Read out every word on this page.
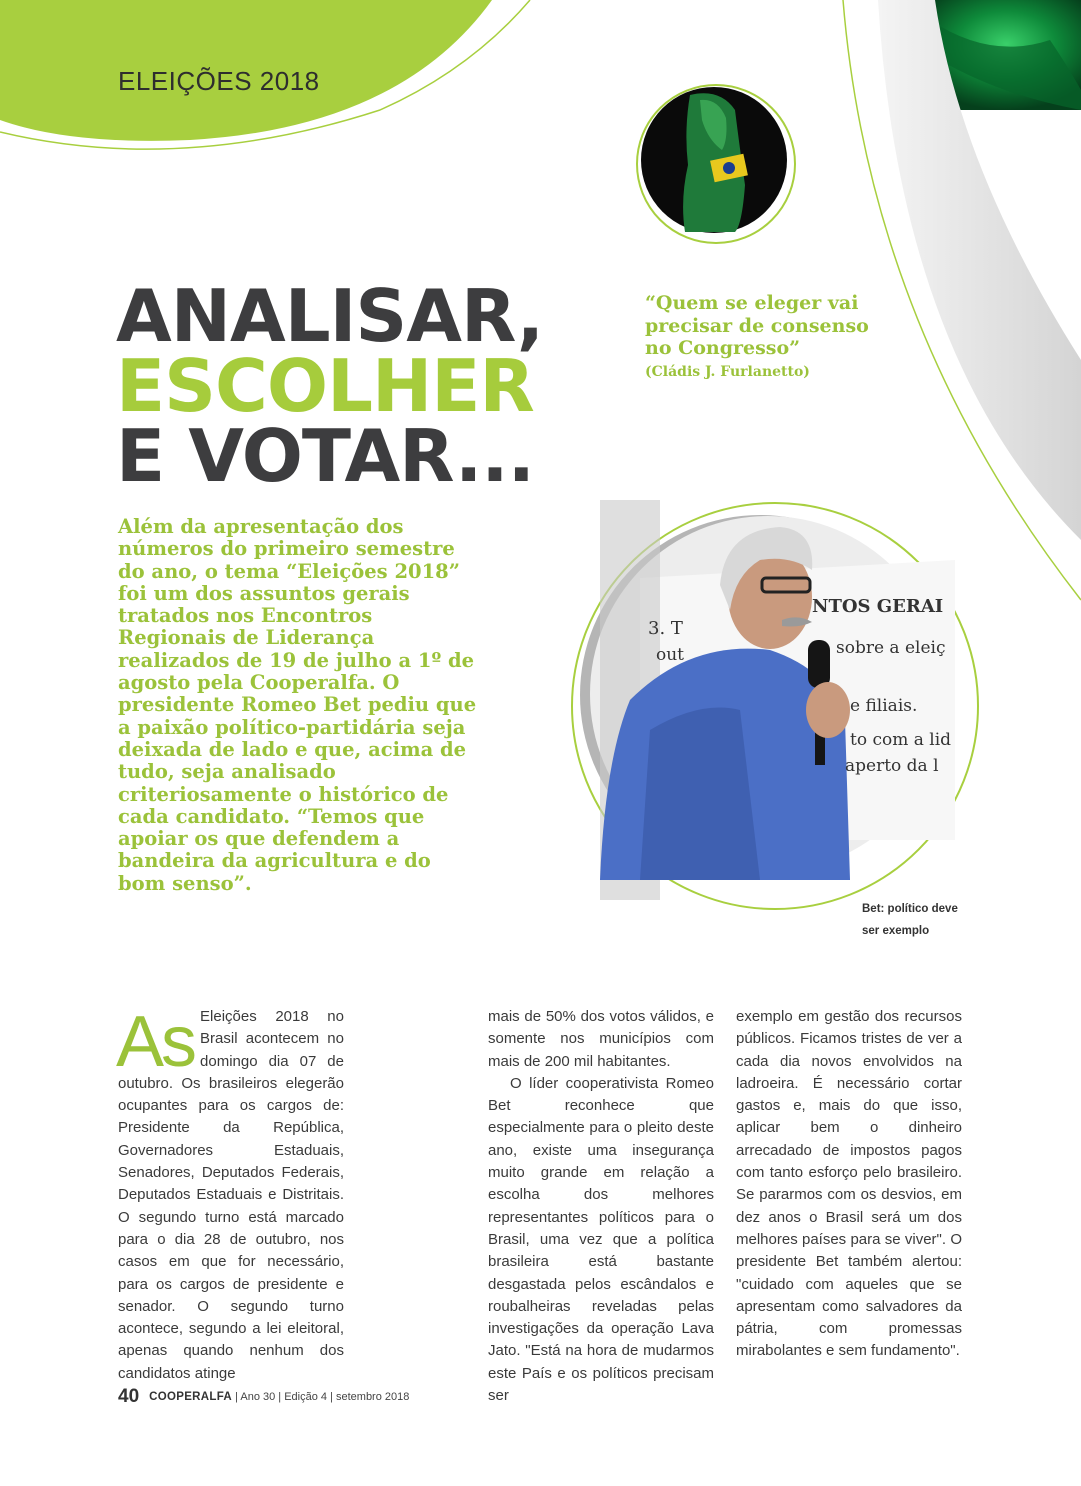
NTOS GERAI
3. T
sobre a eleiç
out
e filiais.
to com a lid
aperto da l
ELEIÇÕES 2018
ANALISAR,
ESCOLHER
E VOTAR...

“Quem se eleger vai precisar de consenso no Congresso”

(Cládis J. Furlanetto)

Além da apresentação dos números do primeiro semestre do ano, o tema “Eleições 2018” foi um dos assuntos gerais tratados nos Encontros Regionais de Liderança realizados de 19 de julho a 1º de agosto pela Cooperalfa. O presidente Romeo Bet pediu que a paixão político-partidária seja deixada de lado e que, acima de tudo, seja analisado criteriosamente o histórico de cada candidato. “Temos que apoiar os que defendem a bandeira da agricultura e do bom senso”.

Bet: político deve ser exemplo

As Eleições 2018 no Brasil acontecem no domingo dia 07 de outubro. Os brasileiros elegerão ocupantes para os cargos de: Presidente da República, Governadores Estaduais, Senadores, Deputados Federais, Deputados Estaduais e Distritais. O segundo turno está marcado para o dia 28 de outubro, nos casos em que for necessário, para os cargos de presidente e senador. O segundo turno acontece, segundo a lei eleitoral, apenas quando nenhum dos candidatos atinge

mais de 50% dos votos válidos, e somente nos municípios com mais de 200 mil habitantes.

O líder cooperativista Romeo Bet reconhece que especialmente para o pleito deste ano, existe uma insegurança muito grande em relação a escolha dos melhores representantes políticos para o Brasil, uma vez que a política brasileira está bastante desgastada pelos escândalos e roubalheiras reveladas pelas investigações da operação Lava Jato. "Está na hora de mudarmos este País e os políticos precisam ser

exemplo em gestão dos recursos públicos. Ficamos tristes de ver a cada dia novos envolvidos na ladroeira. É necessário cortar gastos e, mais do que isso, aplicar bem o dinheiro arrecadado de impostos pagos com tanto esforço pelo brasileiro. Se pararmos com os desvios, em dez anos o Brasil será um dos melhores países para se viver". O presidente Bet também alertou: "cuidado com aqueles que se apresentam como salvadores da pátria, com promessas mirabolantes e sem fundamento".

40 COOPERALFA | Ano 30 | Edição 4 | setembro 2018
